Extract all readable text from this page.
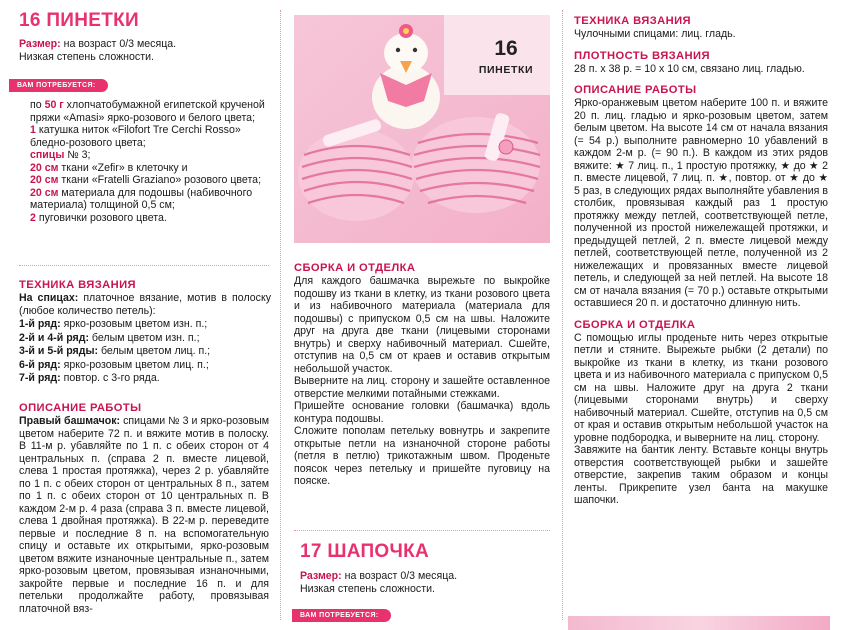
16 ПИНЕТКИ
Размер: на возраст 0/3 месяца.
Низкая степень сложности.
ВАМ ПОТРЕБУЕТСЯ:
по 50 г хлопчатобумажной египетской крученой пряжи «Amasi» ярко-розового и белого цвета;
1 катушка ниток «Filofort Tre Cerchi Rosso» бледно-розового цвета;
спицы № 3;
20 см ткани «Zefir» в клеточку и
20 см ткани «Fratelli Graziano» розового цвета;
20 см материала для подошвы (набивочного материала) толщиной 0,5 см;
2 пуговички розового цвета.
ТЕХНИКА ВЯЗАНИЯ

На спицах: платочное вязание, мотив в полоску (любое количество петель):

1-й ряд: ярко-розовым цветом изн. п.;
2-й и 4-й ряд: белым цветом изн. п.;
3-й и 5-й ряды: белым цветом лиц. п.;
6-й ряд: ярко-розовым цветом лиц. п.;
7-й ряд: повтор. с 3-го ряда.
ОПИСАНИЕ РАБОТЫ

Правый башмачок: спицами № 3 и ярко-розовым цветом наберите 72 п. и вяжите мотив в полоску. В 11-м р. убавляйте по 1 п. с обеих сторон от 4 центральных п. (справа 2 п. вместе лицевой, слева 1 простая протяжка), через 2 р. убавляйте по 1 п. с обеих сторон от центральных 8 п., затем по 1 п. с обеих сторон от 10 центральных п. В каждом 2-м р. 4 раза (справа 3 п. вместе лицевой, слева 1 двойная протяжка). В 22-м р. переведите первые и последние 8 п. на вспомогательную спицу и оставьте их открытыми, ярко-розовым цветом вяжите изнаночные центральные п., затем ярко-розовым цветом, провязывая изнаночными, закройте первые и последние 16 п. и для петельки продолжайте работу, провязывая платочной вяз-

16
ПИНЕТКИ
СБОРКА И ОТДЕЛКА

Для каждого башмачка вырежьте по выкройке подошву из ткани в клетку, из ткани розового цвета и из набивочного материала (материала для подошвы) с припуском 0,5 см на швы. Наложите друг на друга две ткани (лицевыми сторонами внутрь) и сверху набивочный материал. Сшейте, отступив на 0,5 см от краев и оставив открытым небольшой участок.

Выверните на лиц. сторону и зашейте оставленное отверстие мелкими потайными стежками.

Пришейте основание головки (башмачка) вдоль контура подошвы.

Сложите пополам петельку вовнутрь и закрепите открытые петли на изнаночной стороне работы (петля в петлю) трикотажным швом. Проденьте поясок через петельку и пришейте пуговицу на пояске.

17 ШАПОЧКА
Размер: на возраст 0/3 месяца.
Низкая степень сложности.
ВАМ ПОТРЕБУЕТСЯ:
ТЕХНИКА ВЯЗАНИЯ

Чулочными спицами: лиц. гладь.

ПЛОТНОСТЬ ВЯЗАНИЯ

28 п. х 38 р. = 10 х 10 см, связано лиц. гладью.

ОПИСАНИЕ РАБОТЫ

Ярко-оранжевым цветом наберите 100 п. и вяжите 20 п. лиц. гладью и ярко-розовым цветом, затем белым цветом. На высоте 14 см от начала вязания (= 54 р.) выполните равномерно 10 убавлений в каждом 2-м р. (= 90 п.). В каждом из этих рядов вяжите: ★ 7 лиц. п., 1 простую протяжку, ★ до ★ 2 п. вместе лицевой, 7 лиц. п. ★, повтор. от ★ до ★ 5 раз, в следующих рядах выполняйте убавления в столбик, провязывая каждый раз 1 простую протяжку между петлей, соответствующей петле, полученной из простой нижележащей протяжки, и предыдущей петлей, 2 п. вместе лицевой между петлей, соответствующей петле, полученной из 2 нижележащих и провязанных вместе лицевой петель, и следующей за ней петлей. На высоте 18 см от начала вязания (= 70 р.) оставьте открытыми оставшиеся 20 п. и достаточно длинную нить.

СБОРКА И ОТДЕЛКА

С помощью иглы проденьте нить через открытые петли и стяните. Вырежьте рыбки (2 детали) по выкройке из ткани в клетку, из ткани розового цвета и из набивочного материала с припуском 0,5 см на швы. Наложите друг на друга 2 ткани (лицевыми сторонами внутрь) и сверху набивочный материал. Сшейте, отступив на 0,5 см от края и оставив открытым небольшой участок на уровне подбородка, и выверните на лиц. сторону.

Завяжите на бантик ленту. Вставьте концы внутрь отверстия соответствующей рыбки и зашейте отверстие, закрепив таким образом и концы ленты. Прикрепите узел банта на макушке шапочки.
